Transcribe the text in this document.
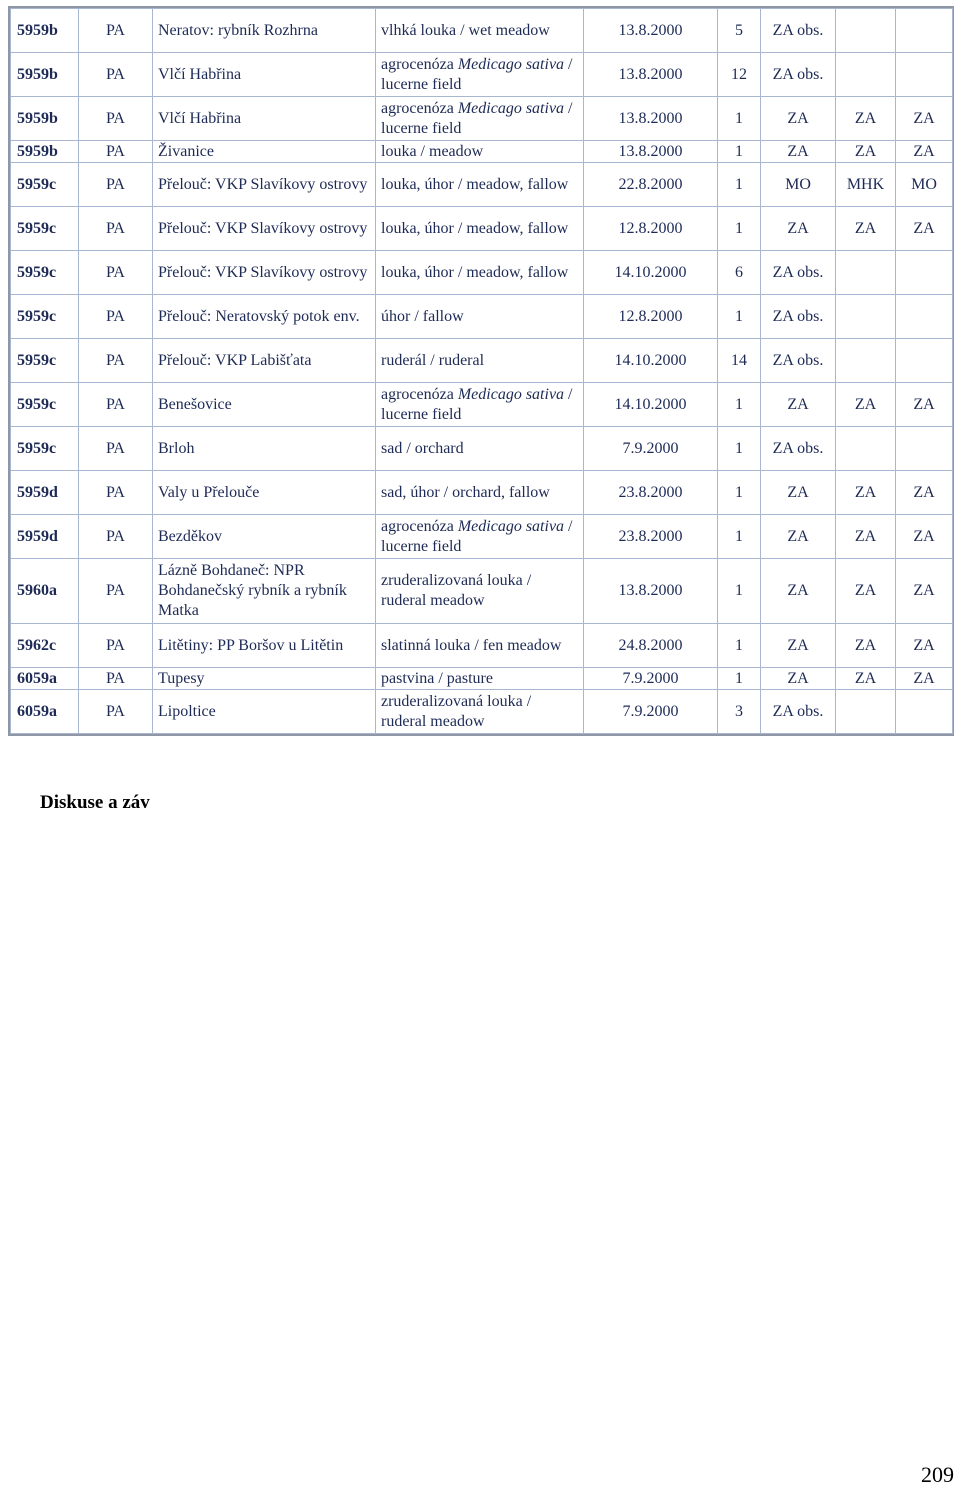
5959b	PA	Neratov: rybník Rozhrna	vlhká louka / wet meadow	13.8.2000	5	ZA obs.		
5959b	PA	Vlčí Habřina	agrocenóza Medicago sativa / lucerne field	13.8.2000	12	ZA obs.		
5959b	PA	Vlčí Habřina	agrocenóza Medicago sativa / lucerne field	13.8.2000	1	ZA	ZA	ZA
5959b	PA	Živanice	louka / meadow	13.8.2000	1	ZA	ZA	ZA
5959c	PA	Přelouč: VKP Slavíkovy ostrovy	louka, úhor / meadow, fallow	22.8.2000	1	MO	MHK	MO
5959c	PA	Přelouč: VKP Slavíkovy ostrovy	louka, úhor / meadow, fallow	12.8.2000	1	ZA	ZA	ZA
5959c	PA	Přelouč: VKP Slavíkovy ostrovy	louka, úhor / meadow, fallow	14.10.2000	6	ZA obs.		
5959c	PA	Přelouč: Neratovský potok env.	úhor / fallow	12.8.2000	1	ZA obs.		
5959c	PA	Přelouč: VKP Labišťata	ruderál / ruderal	14.10.2000	14	ZA obs.		
5959c	PA	Benešovice	agrocenóza Medicago sativa / lucerne field	14.10.2000	1	ZA	ZA	ZA
5959c	PA	Brloh	sad / orchard	7.9.2000	1	ZA obs.		
5959d	PA	Valy u Přelouče	sad, úhor / orchard, fallow	23.8.2000	1	ZA	ZA	ZA
5959d	PA	Bezděkov	agrocenóza Medicago sativa / lucerne field	23.8.2000	1	ZA	ZA	ZA
5960a	PA	Lázně Bohdaneč: NPR Bohdanečský rybník a rybník Matka	zruderalizovaná louka / ruderal meadow	13.8.2000	1	ZA	ZA	ZA
5962c	PA	Litětiny: PP Boršov u Litětin	slatinná louka / fen meadow	24.8.2000	1	ZA	ZA	ZA
6059a	PA	Tupesy	pastvina / pasture	7.9.2000	1	ZA	ZA	ZA
6059a	PA	Lipoltice	zruderalizovaná louka / ruderal meadow	7.9.2000	3	ZA obs.		
Diskuse a záv
209
